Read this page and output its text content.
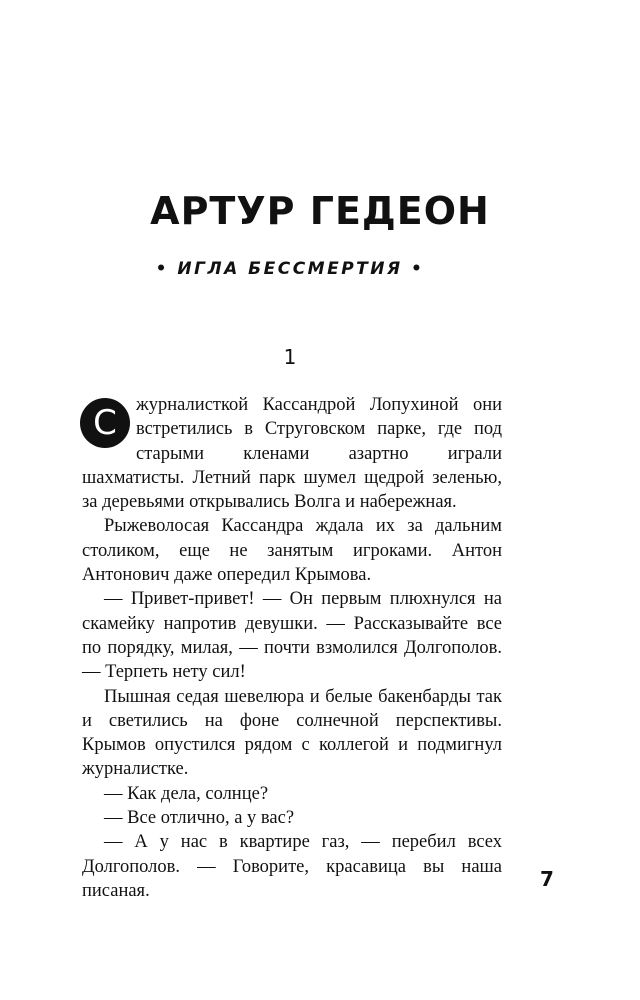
АРТУР ГЕДЕОН
• ИГЛА БЕССМЕРТИЯ •
1

С	журналисткой Кассандрой Лопухиной они встретились в Струговском парке, где под старыми кленами азартно играли шахматисты. Летний парк шумел щедрой зеленью, за деревьями открывались Волга и набережная.

Рыжеволосая Кассандра ждала их за дальним столиком, еще не занятым игроками. Антон Антонович даже опередил Крымова.

— Привет-привет! — Он первым плюхнулся на скамейку напротив девушки. — Рассказывайте все по порядку, милая, — почти взмолился Долгополов. — Терпеть нету сил!

Пышная седая шевелюра и белые бакенбарды так и светились на фоне солнечной перспективы. Крымов опустился рядом с коллегой и подмигнул журналистке.

— Как дела, солнце?

— Все отлично, а у вас?

— А у нас в квартире газ, — перебил всех Долгополов. — Говорите, красавица вы наша писаная.	7
